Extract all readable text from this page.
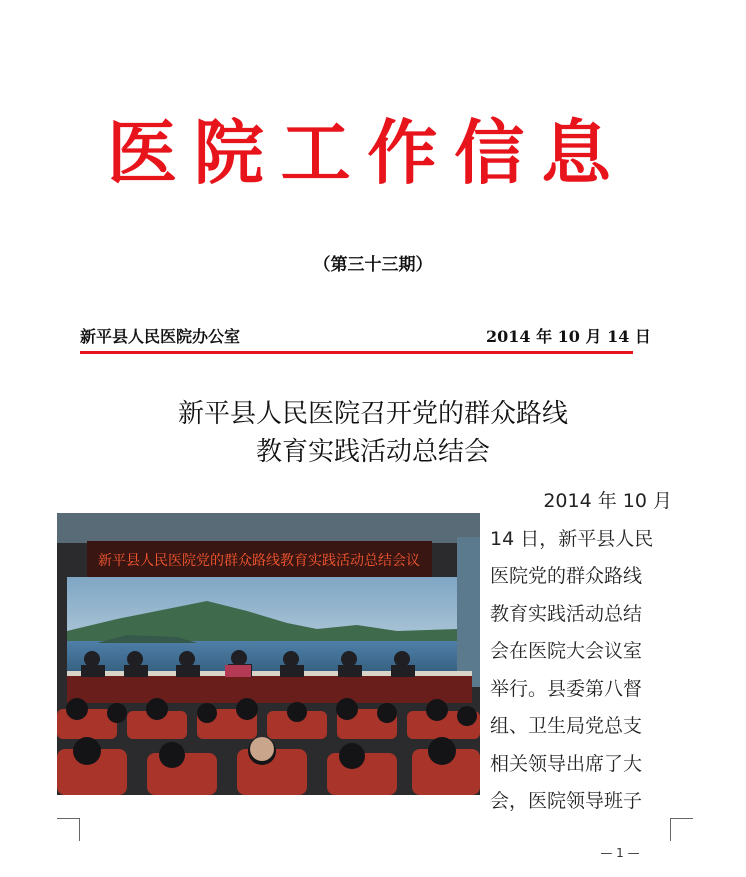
医 院 工 作 信 息
（第三十三期）
新平县人民医院办公室	2014 年 10 月 14 日
新平县人民医院召开党的群众路线
教育实践活动总结会
新平县人民医院党的群众路线教育实践活动总结会议
2014 年 10 月
14 日，新平县人民
医院党的群众路线
教育实践活动总结
会在医院大会议室
举行。县委第八督
组、卫生局党总支
相关领导出席了大
会，医院领导班子
— 1 —
